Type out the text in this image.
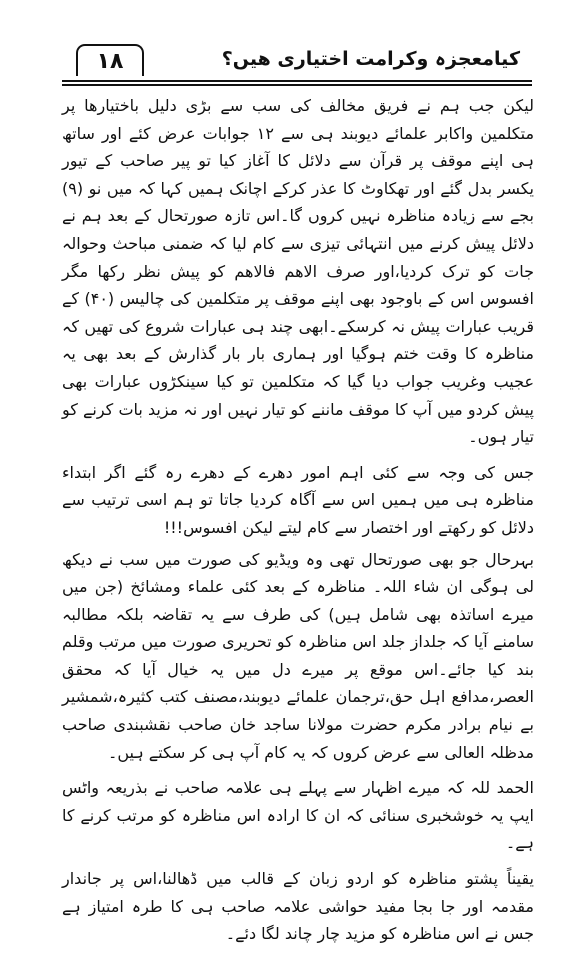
۱۸	کیامعجزہ وکرامت اختیاری ھیں؟

لیکن جب ہم نے فریق مخالف کی سب سے بڑی دلیل باختیارھا پر متکلمین واکابر علمائے دیوبند ہی سے ۱۲ جوابات عرض کئے اور ساتھ ہی اپنے موقف پر قرآن سے دلائل کا آغاز کیا تو پیر صاحب کے تیور یکسر بدل گئے اور تھکاوٹ کا عذر کرکے اچانک ہمیں کہا کہ میں نو (۹) بجے سے زیادہ مناظرہ نہیں کروں گا۔اس تازہ صورتحال کے بعد ہم نے دلائل پیش کرنے میں انتہائی تیزی سے کام لیا کہ ضمنی مباحث وحوالہ جات کو ترک کردیا،اور صرف الاھم فالاھم کو پیش نظر رکھا مگر افسوس اس کے باوجود بھی اپنے موقف پر متکلمین کی چالیس (۴۰) کے قریب عبارات پیش نہ کرسکے۔ابھی چند ہی عبارات شروع کی تھیں کہ مناظرہ کا وقت ختم ہوگیا اور ہماری بار بار گذارش کے بعد بھی یہ عجیب وغریب جواب دیا گیا کہ متکلمین تو کیا سینکڑوں عبارات بھی پیش کردو میں آپ کا موقف ماننے کو تیار نہیں اور نہ مزید بات کرنے کو تیار ہوں۔

جس کی وجہ سے کئی اہم امور دھرے کے دھرے رہ گئے اگر ابتداء مناظرہ ہی میں ہمیں اس سے آگاہ کردیا جاتا تو ہم اسی ترتیب سے دلائل کو رکھتے اور اختصار سے کام لیتے لیکن افسوس!!!

بہرحال جو بھی صورتحال تھی وہ ویڈیو کی صورت میں سب نے دیکھ لی ہوگی ان شاء اللہ۔ مناظرہ کے بعد کئی علماء ومشائخ (جن میں میرے اساتذہ بھی شامل ہیں) کی طرف سے یہ تقاضہ بلکہ مطالبہ سامنے آیا کہ جلداز جلد اس مناظرہ کو تحریری صورت میں مرتب وقلم بند کیا جائے۔اس موقع پر میرے دل میں یہ خیال آیا کہ محقق العصر،مدافع اہل حق،ترجمان علمائے دیوبند،مصنف کتب کثیرہ،شمشیر بے نیام برادر مکرم حضرت مولانا ساجد خان صاحب نقشبندی صاحب مدظلہ العالی سے عرض کروں کہ یہ کام آپ ہی کر سکتے ہیں۔

الحمد للہ کہ میرے اظہار سے پہلے ہی علامہ صاحب نے بذریعہ واٹس ایپ یہ خوشخبری سنائی کہ ان کا ارادہ اس مناظرہ کو مرتب کرنے کا ہے۔

یقیناً پشتو مناظرہ کو اردو زبان کے قالب میں ڈھالنا،اس پر جاندار مقدمہ اور جا بجا مفید حواشی علامہ صاحب ہی کا طرہ امتیاز ہے جس نے اس مناظرہ کو مزید چار چاند لگا دئے۔
